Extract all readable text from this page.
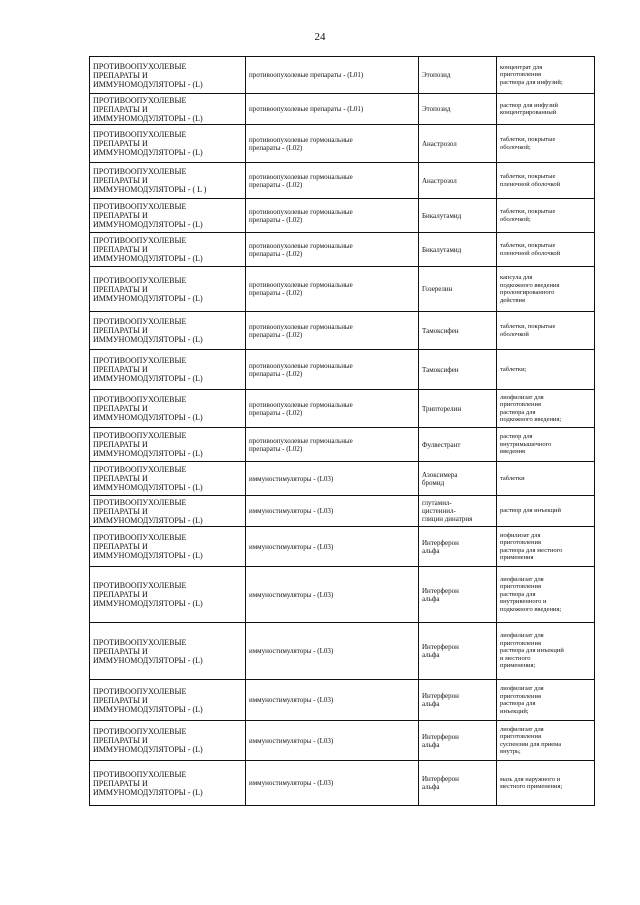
24
ПРОТИВООПУХОЛЕВЫЕ
ПРЕПАРАТЫ И
ИММУНОМОДУЛЯТОРЫ - (L)	противоопухолевые препараты - (L01)	Этопозид	концентрат для
приготовления
раствора для инфузий;

ПРОТИВООПУХОЛЕВЫЕ
ПРЕПАРАТЫ И
ИММУНОМОДУЛЯТОРЫ - (L)	противоопухолевые препараты - (L01)	Этопозид	раствор для инфузий
концентрированный

ПРОТИВООПУХОЛЕВЫЕ
ПРЕПАРАТЫ И
ИММУНОМОДУЛЯТОРЫ - (L)	противоопухолевые гормональные
препараты - (L02)	Анастрозол	таблетки, покрытые
оболочкой;

ПРОТИВООПУХОЛЕВЫЕ
ПРЕПАРАТЫ И
ИММУНОМОДУЛЯТОРЫ - ( L )	противоопухолевые гормональные
препараты - (L02)	Анастрозол	таблетки, покрытые
пленочной оболочкой

ПРОТИВООПУХОЛЕВЫЕ
ПРЕПАРАТЫ И
ИММУНОМОДУЛЯТОРЫ - (L)	противоопухолевые гормональные
препараты - (L02)	Бикалутамид	таблетки, покрытые
оболочкой;

ПРОТИВООПУХОЛЕВЫЕ
ПРЕПАРАТЫ И
ИММУНОМОДУЛЯТОРЫ - (L)	противоопухолевые гормональные
препараты - (L02)	Бикалутамид	таблетки, покрытые
пленочной оболочкой

ПРОТИВООПУХОЛЕВЫЕ
ПРЕПАРАТЫ И
ИММУНОМОДУЛЯТОРЫ - (L)	противоопухолевые гормональные
препараты - (L02)	Гозерелин	капсула для
подкожного введения
пролонгированного
действия

ПРОТИВООПУХОЛЕВЫЕ
ПРЕПАРАТЫ И
ИММУНОМОДУЛЯТОРЫ - (L)	противоопухолевые гормональные
препараты - (L02)	Тамоксифен	таблетки, покрытые
оболочкой

ПРОТИВООПУХОЛЕВЫЕ
ПРЕПАРАТЫ И
ИММУНОМОДУЛЯТОРЫ - (L)	противоопухолевые гормональные
препараты - (L02)	Тамоксифен	таблетки;

ПРОТИВООПУХОЛЕВЫЕ
ПРЕПАРАТЫ И
ИММУНОМОДУЛЯТОРЫ - (L)	противоопухолевые гормональные
препараты - (L02)	Трипторелин	лиофилизат для
приготовления
раствора для
подкожного введения;

ПРОТИВООПУХОЛЕВЫЕ
ПРЕПАРАТЫ И
ИММУНОМОДУЛЯТОРЫ - (L)	противоопухолевые гормональные
препараты - (L02)	Фулвестрант	раствор для
внутримышечного
введения

ПРОТИВООПУХОЛЕВЫЕ
ПРЕПАРАТЫ И
ИММУНОМОДУЛЯТОРЫ - (L)	иммуностимуляторы - (L03)	Азоксимера
бромид	таблетки

ПРОТИВООПУХОЛЕВЫЕ
ПРЕПАРАТЫ И
ИММУНОМОДУЛЯТОРЫ - (L)	иммуностимуляторы - (L03)	глутамил-
цистеинил-
глицин динатрия	раствор для инъекций

ПРОТИВООПУХОЛЕВЫЕ
ПРЕПАРАТЫ И
ИММУНОМОДУЛЯТОРЫ - (L)	иммуностимуляторы - (L03)	Интерферон
альфа	иофилизат для
приготовления
раствора для местного
применения

ПРОТИВООПУХОЛЕВЫЕ
ПРЕПАРАТЫ И
ИММУНОМОДУЛЯТОРЫ - (L)	иммуностимуляторы - (L03)	Интерферон
альфа	лиофилизат для
приготовления
раствора для
внутривенного и
подкожного введения;

ПРОТИВООПУХОЛЕВЫЕ
ПРЕПАРАТЫ И
ИММУНОМОДУЛЯТОРЫ - (L)	иммуностимуляторы - (L03)	Интерферон
альфа	лиофилизат для
приготовления
раствора для инъекций
и местного
применения;

ПРОТИВООПУХОЛЕВЫЕ
ПРЕПАРАТЫ И
ИММУНОМОДУЛЯТОРЫ - (L)	иммуностимуляторы - (L03)	Интерферон
альфа	лиофилизат для
приготовления
раствора для
инъекций;

ПРОТИВООПУХОЛЕВЫЕ
ПРЕПАРАТЫ И
ИММУНОМОДУЛЯТОРЫ - (L)	иммуностимуляторы - (L03)	Интерферон
альфа	лиофилизат для
приготовления
суспензии для приема
внутрь;

ПРОТИВООПУХОЛЕВЫЕ
ПРЕПАРАТЫ И
ИММУНОМОДУЛЯТОРЫ - (L)	иммуностимуляторы - (L03)	Интерферон
альфа	мазь для наружного и
местного применения;
